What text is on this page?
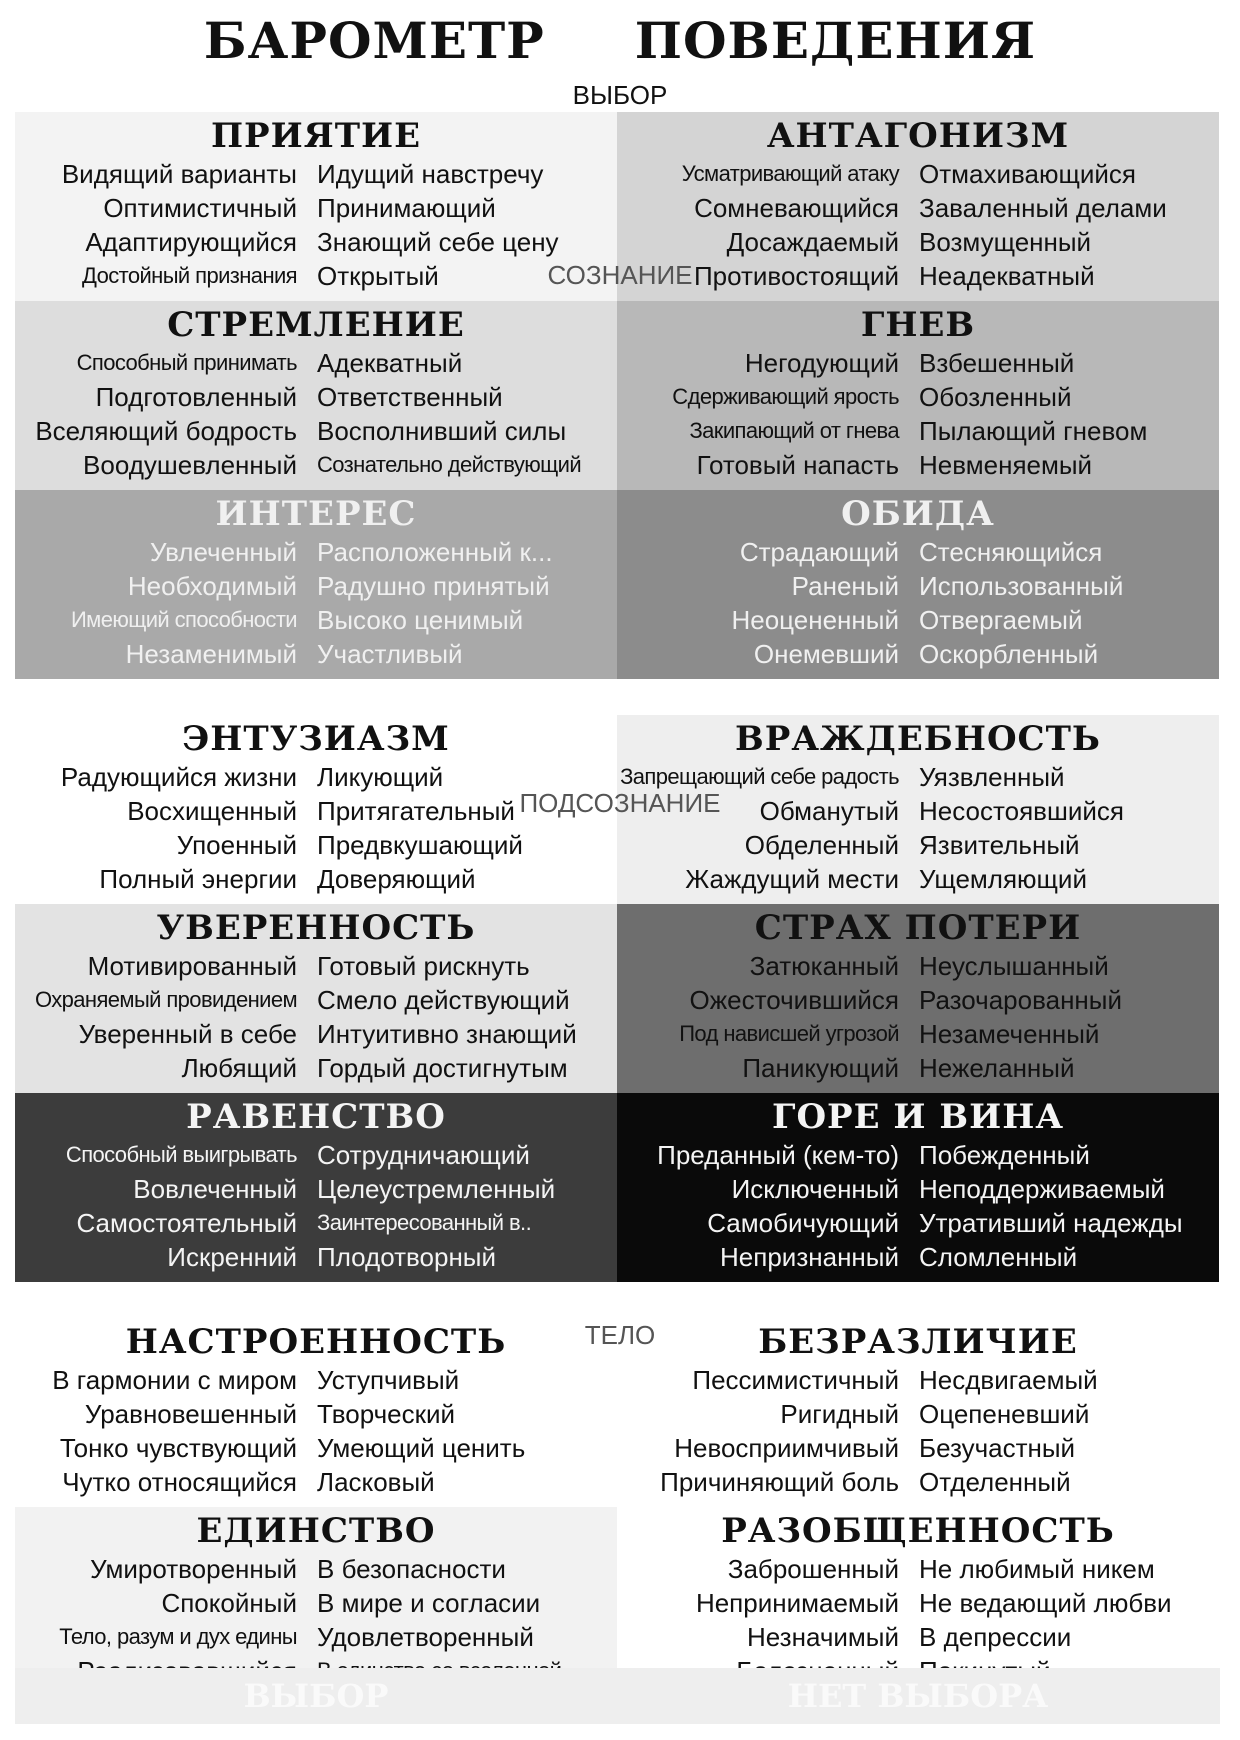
БАРОМЕТР ПОВЕДЕНИЯ
ВЫБОР
ПРИЯТИЕ
Видящий варианты Идущий навстречу
Оптимистичный Принимающий
Адаптирующийся Знающий себе цену
Достойный признания Открытый
АНТАГОНИЗМ
Усматривающий атаку Отмахивающийся
Сомневающийся Заваленный делами
Досаждаемый Возмущенный
Противостоящий Неадекватный
СТРЕМЛЕНИЕ
Способный принимать Адекватный
Подготовленный Ответственный
Вселяющий бодрость Восполнивший силы
Воодушевленный Сознательно действующий
ГНЕВ
Негодующий Взбешенный
Сдерживающий ярость Обозленный
Закипающий от гнева Пылающий гневом
Готовый напасть Невменяемый
ИНТЕРЕС
Увлеченный Расположенный к...
Необходимый Радушно принятый
Имеющий способности Высоко ценимый
Незаменимый Участливый
ОБИДА
Страдающий Стесняющийся
Раненый Использованный
Неоцененный Отвергаемый
Онемевший Оскорбленный
ЭНТУЗИАЗМ
Радующийся жизни Ликующий
Восхищенный Притягательный
Упоенный Предвкушающий
Полный энергии Доверяющий
ВРАЖДЕБНОСТЬ
Запрещающий себе радость Уязвленный
Обманутый Несостоявшийся
Обделенный Язвительный
Жаждущий мести Ущемляющий
УВЕРЕННОСТЬ
Мотивированный Готовый рискнуть
Охраняемый провидением Смело действующий
Уверенный в себе Интуитивно знающий
Любящий Гордый достигнутым
СТРАХ ПОТЕРИ
Затюканный Неуслышанный
Ожесточившийся Разочарованный
Под нависшей угрозой Незамеченный
Паникующий Нежеланный
РАВЕНСТВО
Способный выигрывать Сотрудничающий
Вовлеченный Целеустремленный
Самостоятельный Заинтересованный в..
Искренний Плодотворный
ГОРЕ И ВИНА
Преданный (кем-то) Побежденный
Исключенный Неподдерживаемый
Самобичующий Утративший надежды
Непризнанный Сломленный
НАСТРОЕННОСТЬ
В гармонии с миром Уступчивый
Уравновешенный Творческий
Тонко чувствующий Умеющий ценить
Чутко относящийся Ласковый
БЕЗРАЗЛИЧИЕ
Пессимистичный Несдвигаемый
Ригидный Оцепеневший
Невосприимчивый Безучастный
Причиняющий боль Отделенный
ЕДИНСТВО
Умиротворенный В безопасности
Спокойный В мире и согласии
Тело, разум и дух едины Удовлетворенный
РАЗОБЩЕННОСТЬ
Заброшенный Не любимый никем
Непринимаемый Не ведающий любви
Незначимый В депрессии
СОЗНАНИЕ
ПОДСОЗНАНИЕ
ТЕЛО
ВЫБОР	НЕТ ВЫБОРА
